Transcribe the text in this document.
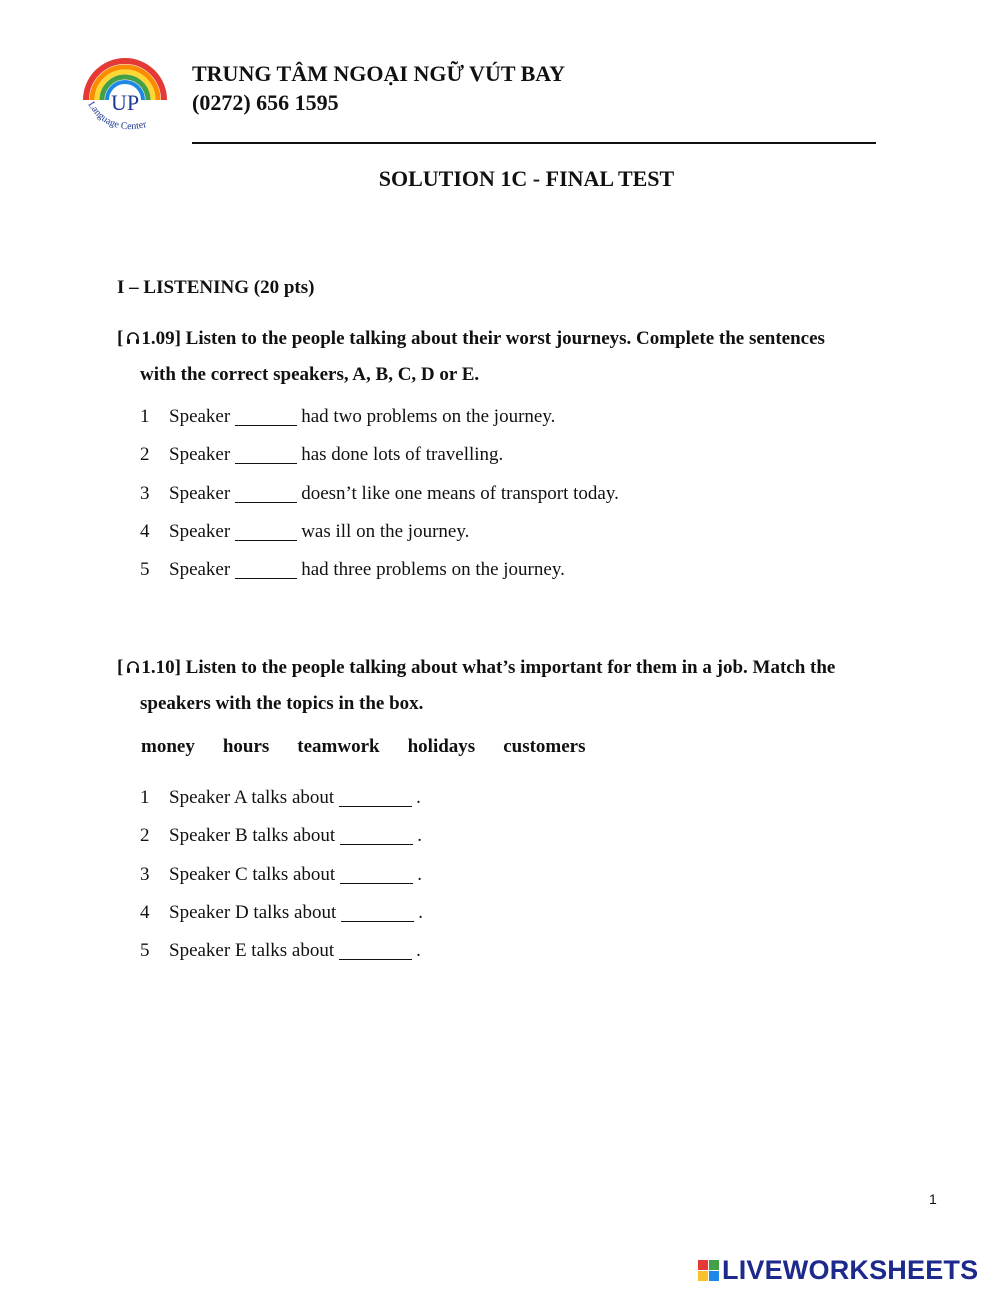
UP
Language Center
TRUNG TÂM NGOẠI NGỮ VÚT BAY
(0272) 656 1595
SOLUTION 1C - FINAL TEST
I – LISTENING (20 pts)
[ 1.09] Listen to the people talking about their worst journeys. Complete the sentences
with the correct speakers, A, B, C, D or E.
1	Speaker	had two problems on the journey.
2	Speaker	has done lots of travelling.
3	Speaker	doesn’t like one means of transport today.
4	Speaker	was ill on the journey.
5	Speaker	had three problems on the journey.
[ 1.10] Listen to the people talking about what’s important for them in a job. Match the
speakers with the topics in the box.
money hours teamwork holidays customers
1	Speaker A talks about	.
2	Speaker B talks about	.
3	Speaker C talks about	.
4	Speaker D talks about	.
5	Speaker E talks about	.
1
LIVEWORKSHEETS
